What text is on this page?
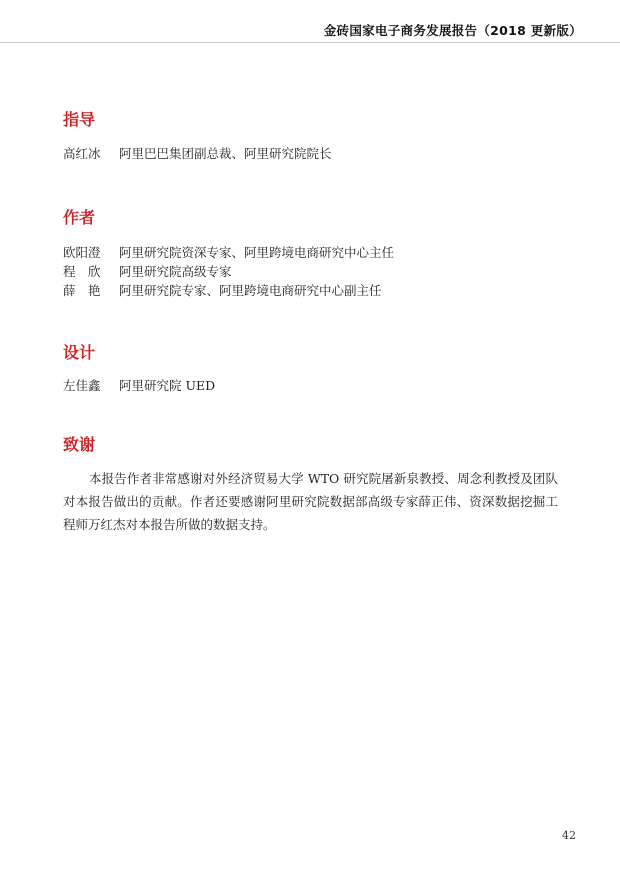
金砖国家电子商务发展报告（2018 更新版）
指导
高红冰 阿里巴巴集团副总裁、阿里研究院院长
作者
欧阳澄 阿里研究院资深专家、阿里跨境电商研究中心主任
程　欣 阿里研究院高级专家
薛　艳 阿里研究院专家、阿里跨境电商研究中心副主任
设计
左佳鑫 阿里研究院 UED
致谢

本报告作者非常感谢对外经济贸易大学 WTO 研究院屠新泉教授、周念利教授及团队对本报告做出的贡献。作者还要感谢阿里研究院数据部高级专家薛正伟、资深数据挖掘工程师万红杰对本报告所做的数据支持。

42
